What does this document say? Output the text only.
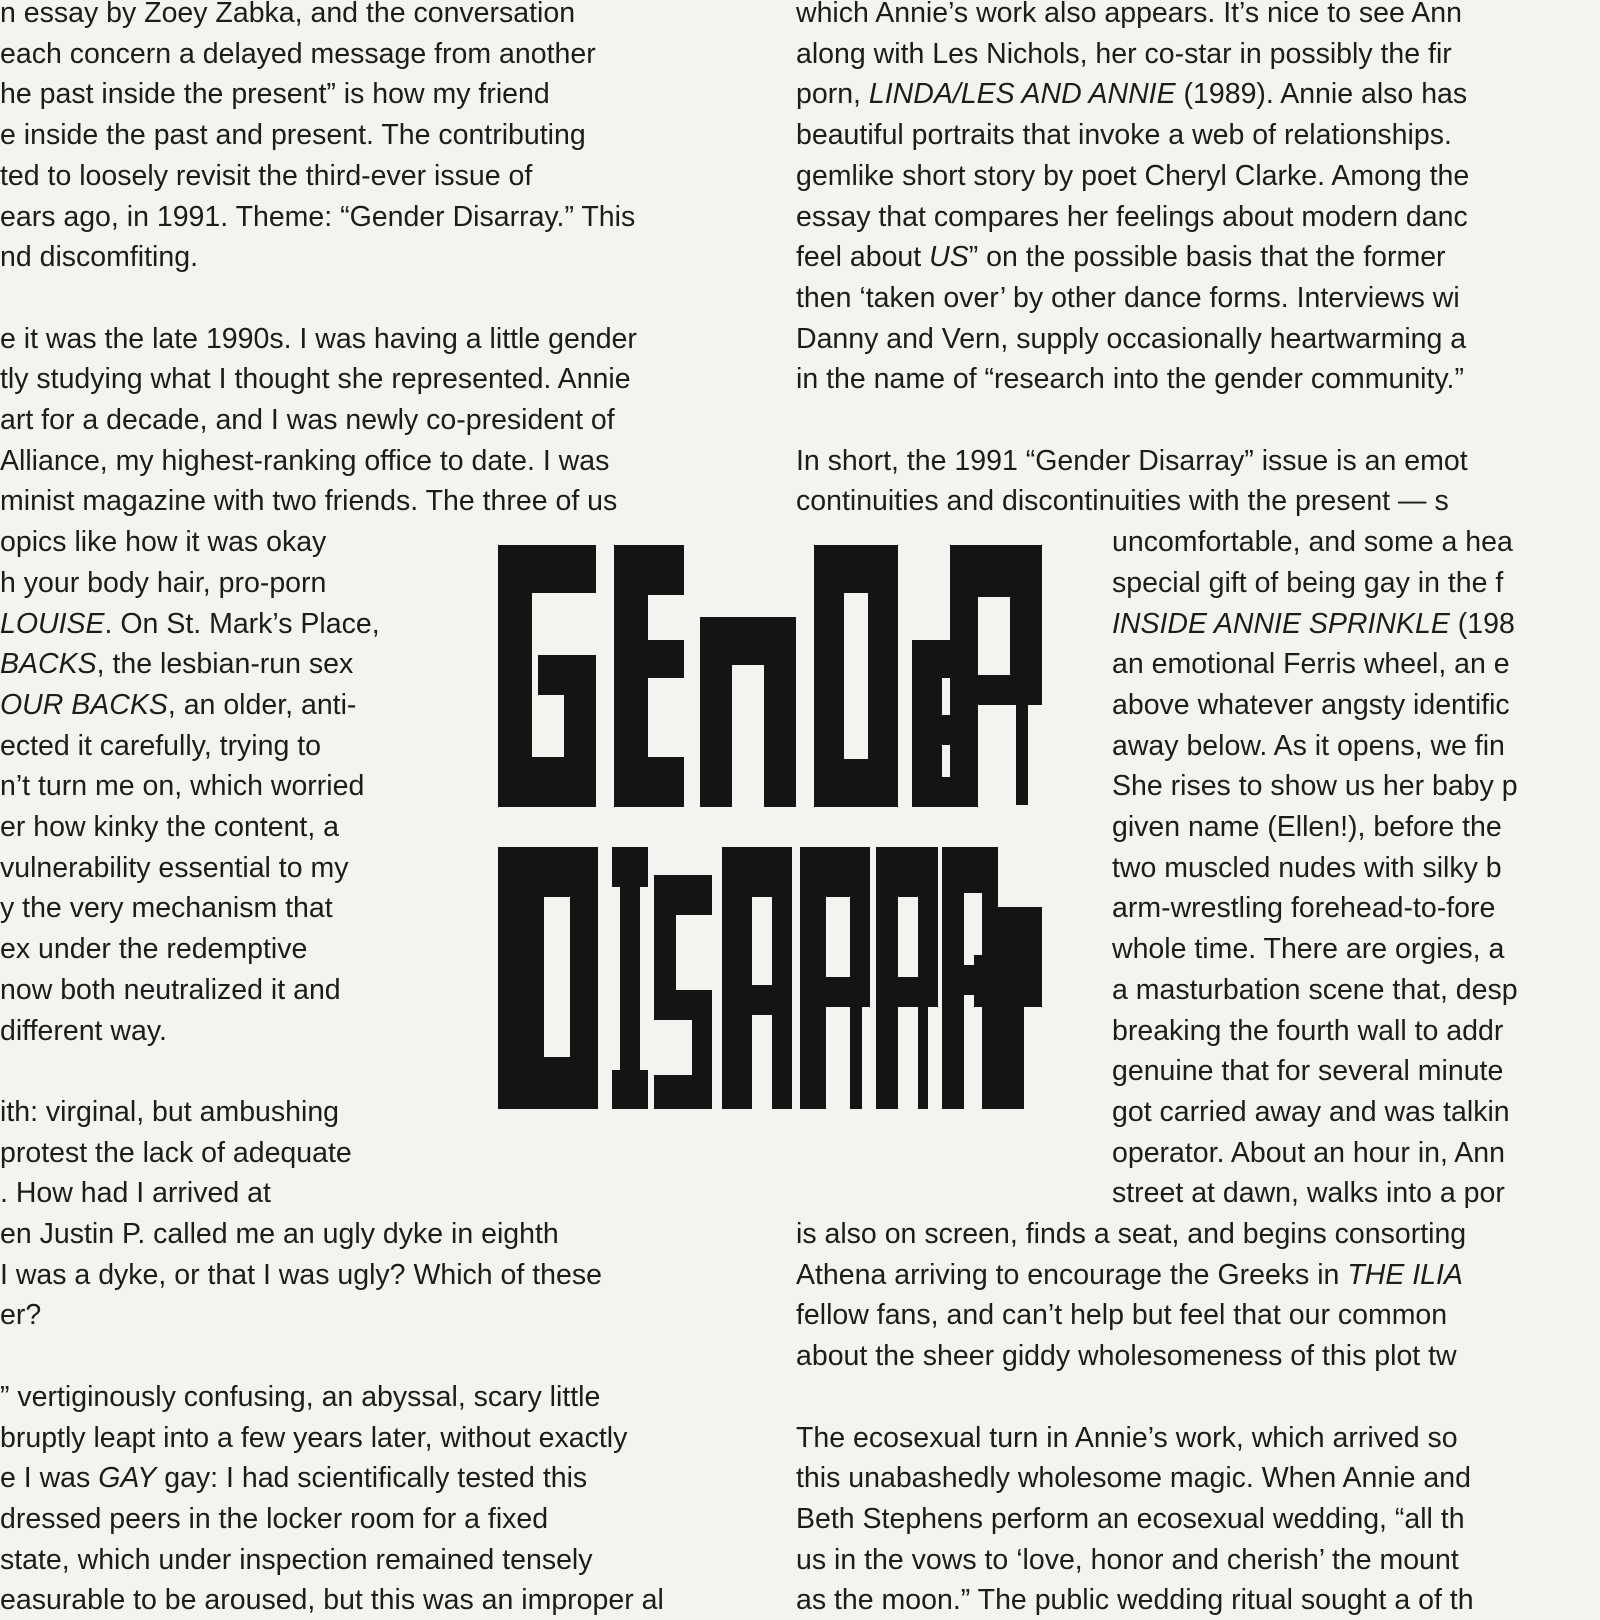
n essay by Zoey Zabka, and the conversation
each concern a delayed message from another
he past inside the present” is how my friend
e inside the past and present. The contributing
ted to loosely revisit the third-ever issue of
ears ago, in 1991. Theme: “Gender Disarray.” This
nd discomfiting.
e it was the late 1990s. I was having a little gender
tly studying what I thought she represented. Annie
art for a decade, and I was newly co-president of
Alliance, my highest-ranking office to date. I was
minist magazine with two friends. The three of us
opics like how it was okay
h your body hair, pro-porn
LOUISE. On St. Mark’s Place,
BACKS, the lesbian-run sex
OUR BACKS, an older, anti-
ected it carefully, trying to
n’t turn me on, which worried
er how kinky the content, a
vulnerability essential to my
y the very mechanism that
ex under the redemptive
now both neutralized it and
different way.
ith: virginal, but ambushing
protest the lack of adequate
. How had I arrived at
en Justin P. called me an ugly dyke in eighth
I was a dyke, or that I was ugly? Which of these
er?
” vertiginously confusing, an abyssal, scary little
bruptly leapt into a few years later, without exactly
e I was GAY gay: I had scientifically tested this
dressed peers in the locker room for a fixed
state, which under inspection remained tensely
easurable to be aroused, but this was an improper al
which Annie’s work also appears. It’s nice to see Ann
along with Les Nichols, her co-star in possibly the fir
porn, LINDA/LES AND ANNIE (1989). Annie also has
beautiful portraits that invoke a web of relationships.
gemlike short story by poet Cheryl Clarke. Among the
essay that compares her feelings about modern danc
feel about US” on the possible basis that the former
then ‘taken over’ by other dance forms. Interviews wi
Danny and Vern, supply occasionally heartwarming a
in the name of “research into the gender community.”
In short, the 1991 “Gender Disarray” issue is an emot
continuities and discontinuities with the present — s
uncomfortable, and some a hea
special gift of being gay in the f
INSIDE ANNIE SPRINKLE (198
an emotional Ferris wheel, an e
above whatever angsty identific
away below. As it opens, we fin
She rises to show us her baby p
given name (Ellen!), before the
two muscled nudes with silky b
arm-wrestling forehead-to-fore
whole time. There are orgies, a
a masturbation scene that, desp
breaking the fourth wall to addr
genuine that for several minute
got carried away and was talkin
operator. About an hour in, Ann
street at dawn, walks into a por
is also on screen, finds a seat, and begins consorting
Athena arriving to encourage the Greeks in THE ILIA
fellow fans, and can’t help but feel that our common
about the sheer giddy wholesomeness of this plot tw
The ecosexual turn in Annie’s work, which arrived so
this unabashedly wholesome magic. When Annie and
Beth Stephens perform an ecosexual wedding, “all th
us in the vows to ‘love, honor and cherish’ the mount
as the moon.” The public wedding ritual sought a of th
